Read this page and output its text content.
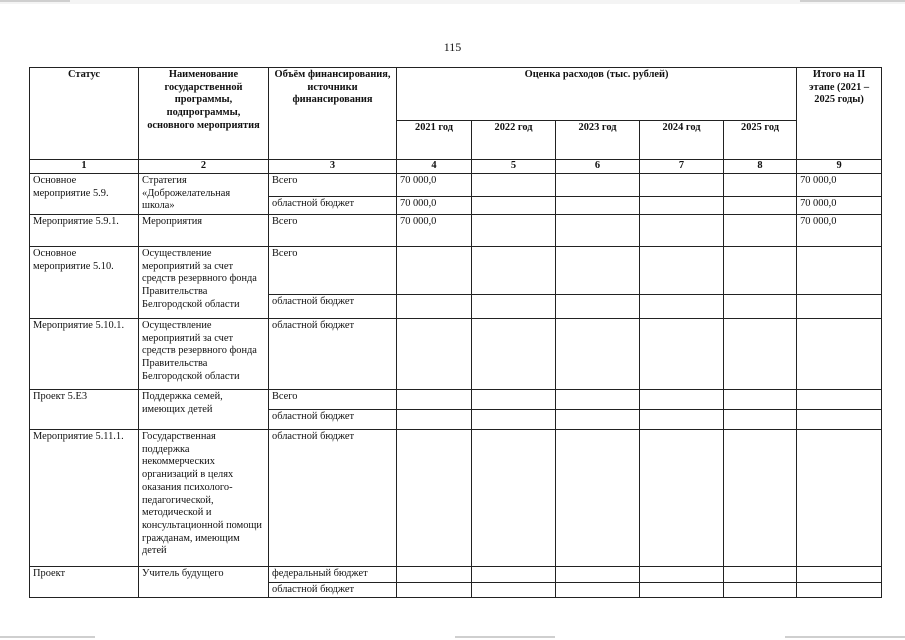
115
Статус	Наименование государственной программы, подпрограммы, основного мероприятия	Объём финансирования, источники финансирования	Оценка расходов (тыс. рублей)					Итого на II этапе (2021 – 2025 годы)
			2021 год	2022 год	2023 год	2024 год	2025 год	
1	2	3	4	5	6	7	8	9
Основное мероприятие 5.9.	Стратегия «Доброжелательная школа»	Всего	70 000,0					70 000,0
		областной бюджет	70 000,0					70 000,0
Мероприятие 5.9.1.	Мероприятия	Всего	70 000,0					70 000,0
Основное мероприятие 5.10.	Осуществление мероприятий за счет средств резервного фонда Правительства Белгородской области	Всего						
		областной бюджет						
Мероприятие 5.10.1.	Осуществление мероприятий за счет средств резервного фонда Правительства Белгородской области	областной бюджет						
Проект 5.Е3	Поддержка семей, имеющих детей	Всего						
		областной бюджет						
Мероприятие 5.11.1.	Государственная поддержка некоммерческих организаций в целях оказания психолого-педагогической, методической и консультационной помощи гражданам, имеющим детей	областной бюджет						
Проект	Учитель будущего	федеральный бюджет						
		областной бюджет						
